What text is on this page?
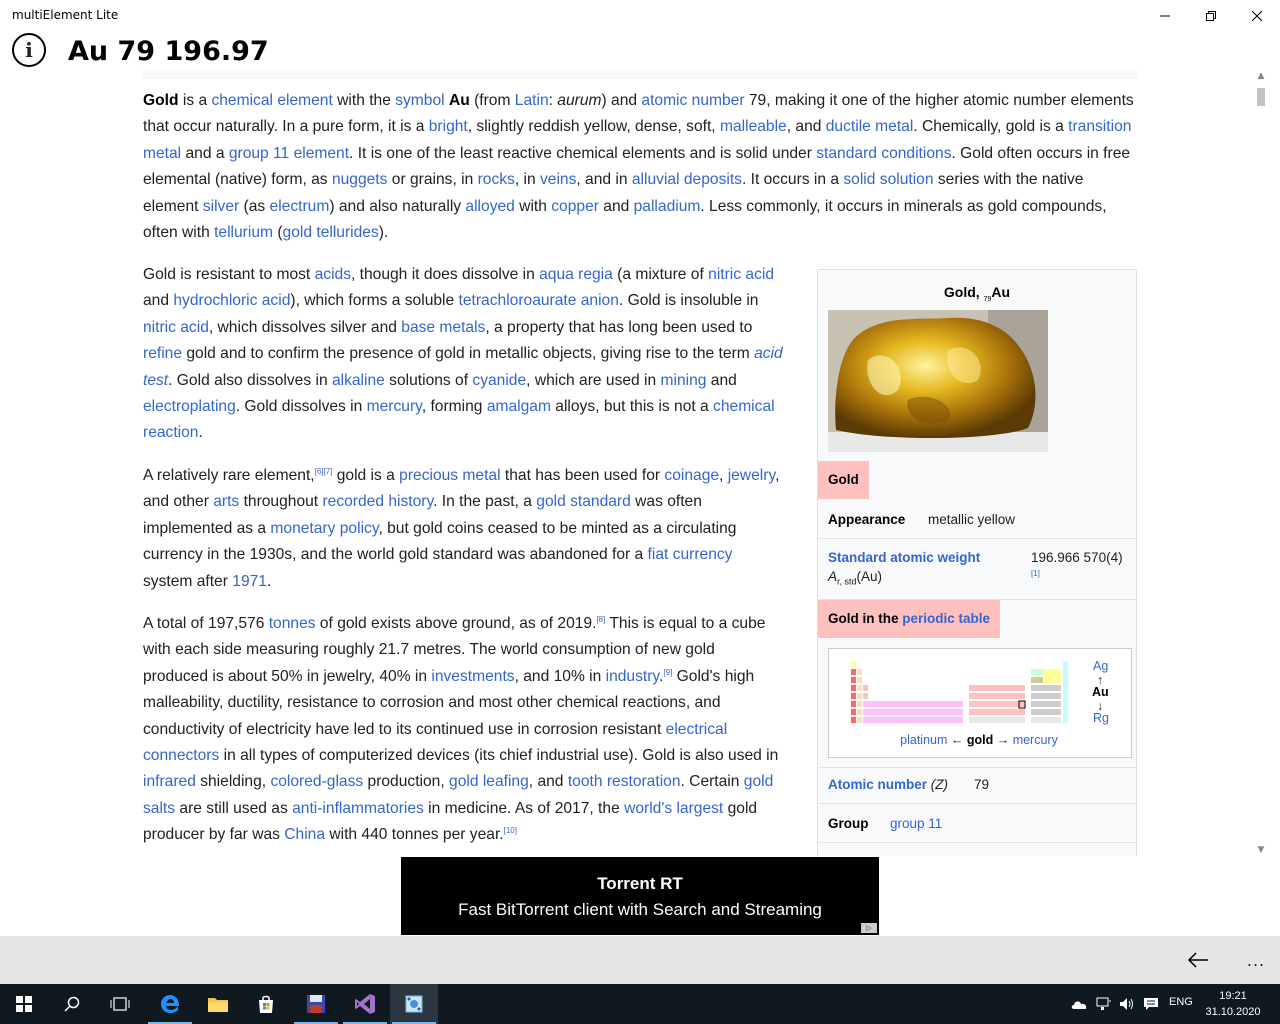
multiElement Lite
i	Au 79 196.97
Gold is a chemical element with the symbol Au (from Latin: aurum) and atomic number 79, making it one of the higher atomic number elements that occur naturally. In a pure form, it is a bright, slightly reddish yellow, dense, soft, malleable, and ductile metal. Chemically, gold is a transition metal and a group 11 element. It is one of the least reactive chemical elements and is solid under standard conditions. Gold often occurs in free elemental (native) form, as nuggets or grains, in rocks, in veins, and in alluvial deposits. It occurs in a solid solution series with the native element silver (as electrum) and also naturally alloyed with copper and palladium. Less commonly, it occurs in minerals as gold compounds, often with tellurium (gold tellurides).
Gold is resistant to most acids, though it does dissolve in aqua regia (a mixture of nitric acid and hydrochloric acid), which forms a soluble tetrachloroaurate anion. Gold is insoluble in nitric acid, which dissolves silver and base metals, a property that has long been used to refine gold and to confirm the presence of gold in metallic objects, giving rise to the term acid test. Gold also dissolves in alkaline solutions of cyanide, which are used in mining and electroplating. Gold dissolves in mercury, forming amalgam alloys, but this is not a chemical reaction.
A relatively rare element,[6][7] gold is a precious metal that has been used for coinage, jewelry, and other arts throughout recorded history. In the past, a gold standard was often implemented as a monetary policy, but gold coins ceased to be minted as a circulating currency in the 1930s, and the world gold standard was abandoned for a fiat currency system after 1971.
A total of 197,576 tonnes of gold exists above ground, as of 2019.[8] This is equal to a cube with each side measuring roughly 21.7 metres. The world consumption of new gold produced is about 50% in jewelry, 40% in investments, and 10% in industry.[9] Gold's high malleability, ductility, resistance to corrosion and most other chemical reactions, and conductivity of electricity have led to its continued use in corrosion resistant electrical connectors in all types of computerized devices (its chief industrial use). Gold is also used in infrared shielding, colored-glass production, gold leafing, and tooth restoration. Certain gold salts are still used as anti-inflammatories in medicine. As of 2017, the world's largest gold producer by far was China with 440 tonnes per year.[10]
Gold, $_{79}$Au
Gold
Appearance metallic yellow
Standard atomic weight
$A_{r, std}(Au)$
196.966 570(4)
[1]
Gold in the periodic table
Ag
↑
Au
↓
Rg
platinum ← gold → mercury
Atomic number (Z) 79
Group group 11
▲
▼
Torrent RT
Fast BitTorrent client with Search and Streaming
▷
...
ENG	19:21
31.10.2020
